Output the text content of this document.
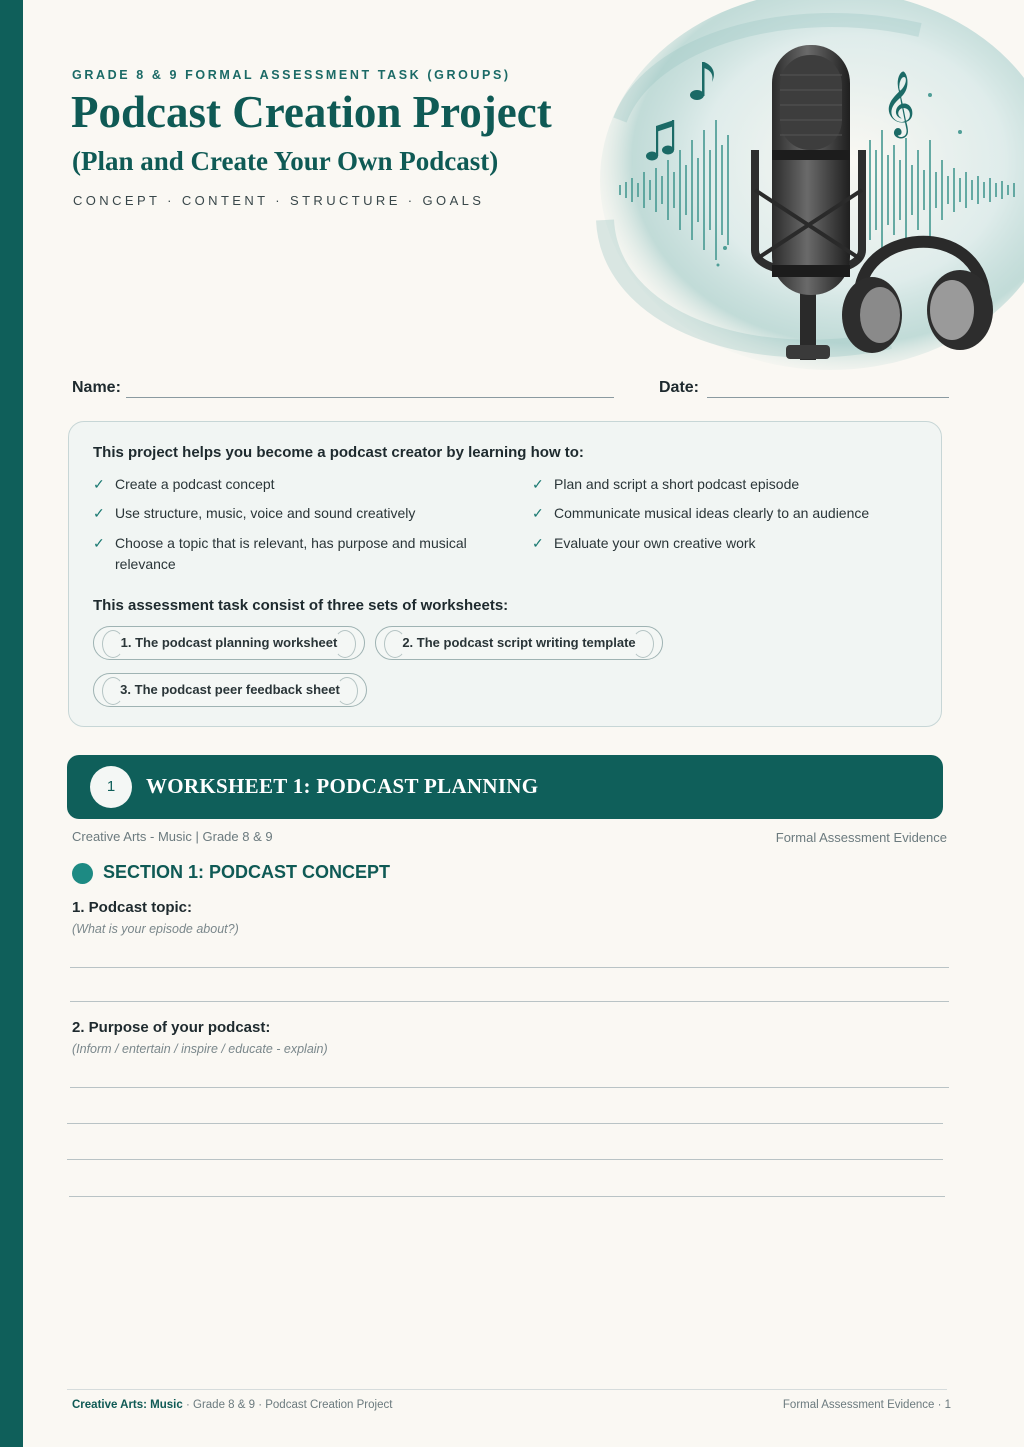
GRADE 8 & 9 FORMAL ASSESSMENT TASK (GROUPS)
Podcast Creation Project
(Plan and Create Your Own Podcast)
CONCEPT · CONTENT · STRUCTURE · GOALS
𝄞
Name:	Date:
This project helps you become a podcast creator by learning how to:
✓ Create a podcast concept
✓ Use structure, music, voice and sound creatively
✓ Choose a topic that is relevant, has purpose and musical relevance
✓ Plan and script a short podcast episode
✓ Communicate musical ideas clearly to an audience
✓ Evaluate your own creative work
This assessment task consist of three sets of worksheets:
1. The podcast planning worksheet	2. The podcast script writing template
3. The podcast peer feedback sheet
1	WORKSHEET 1: PODCAST PLANNING
Creative Arts - Music | Grade 8 & 9	Formal Assessment Evidence
SECTION 1: PODCAST CONCEPT
1. Podcast topic:
(What is your episode about?)
2. Purpose of your podcast:
(Inform / entertain / inspire / educate - explain)
Creative Arts: Music · Grade 8 & 9 · Podcast Creation Project	Formal Assessment Evidence · 1
